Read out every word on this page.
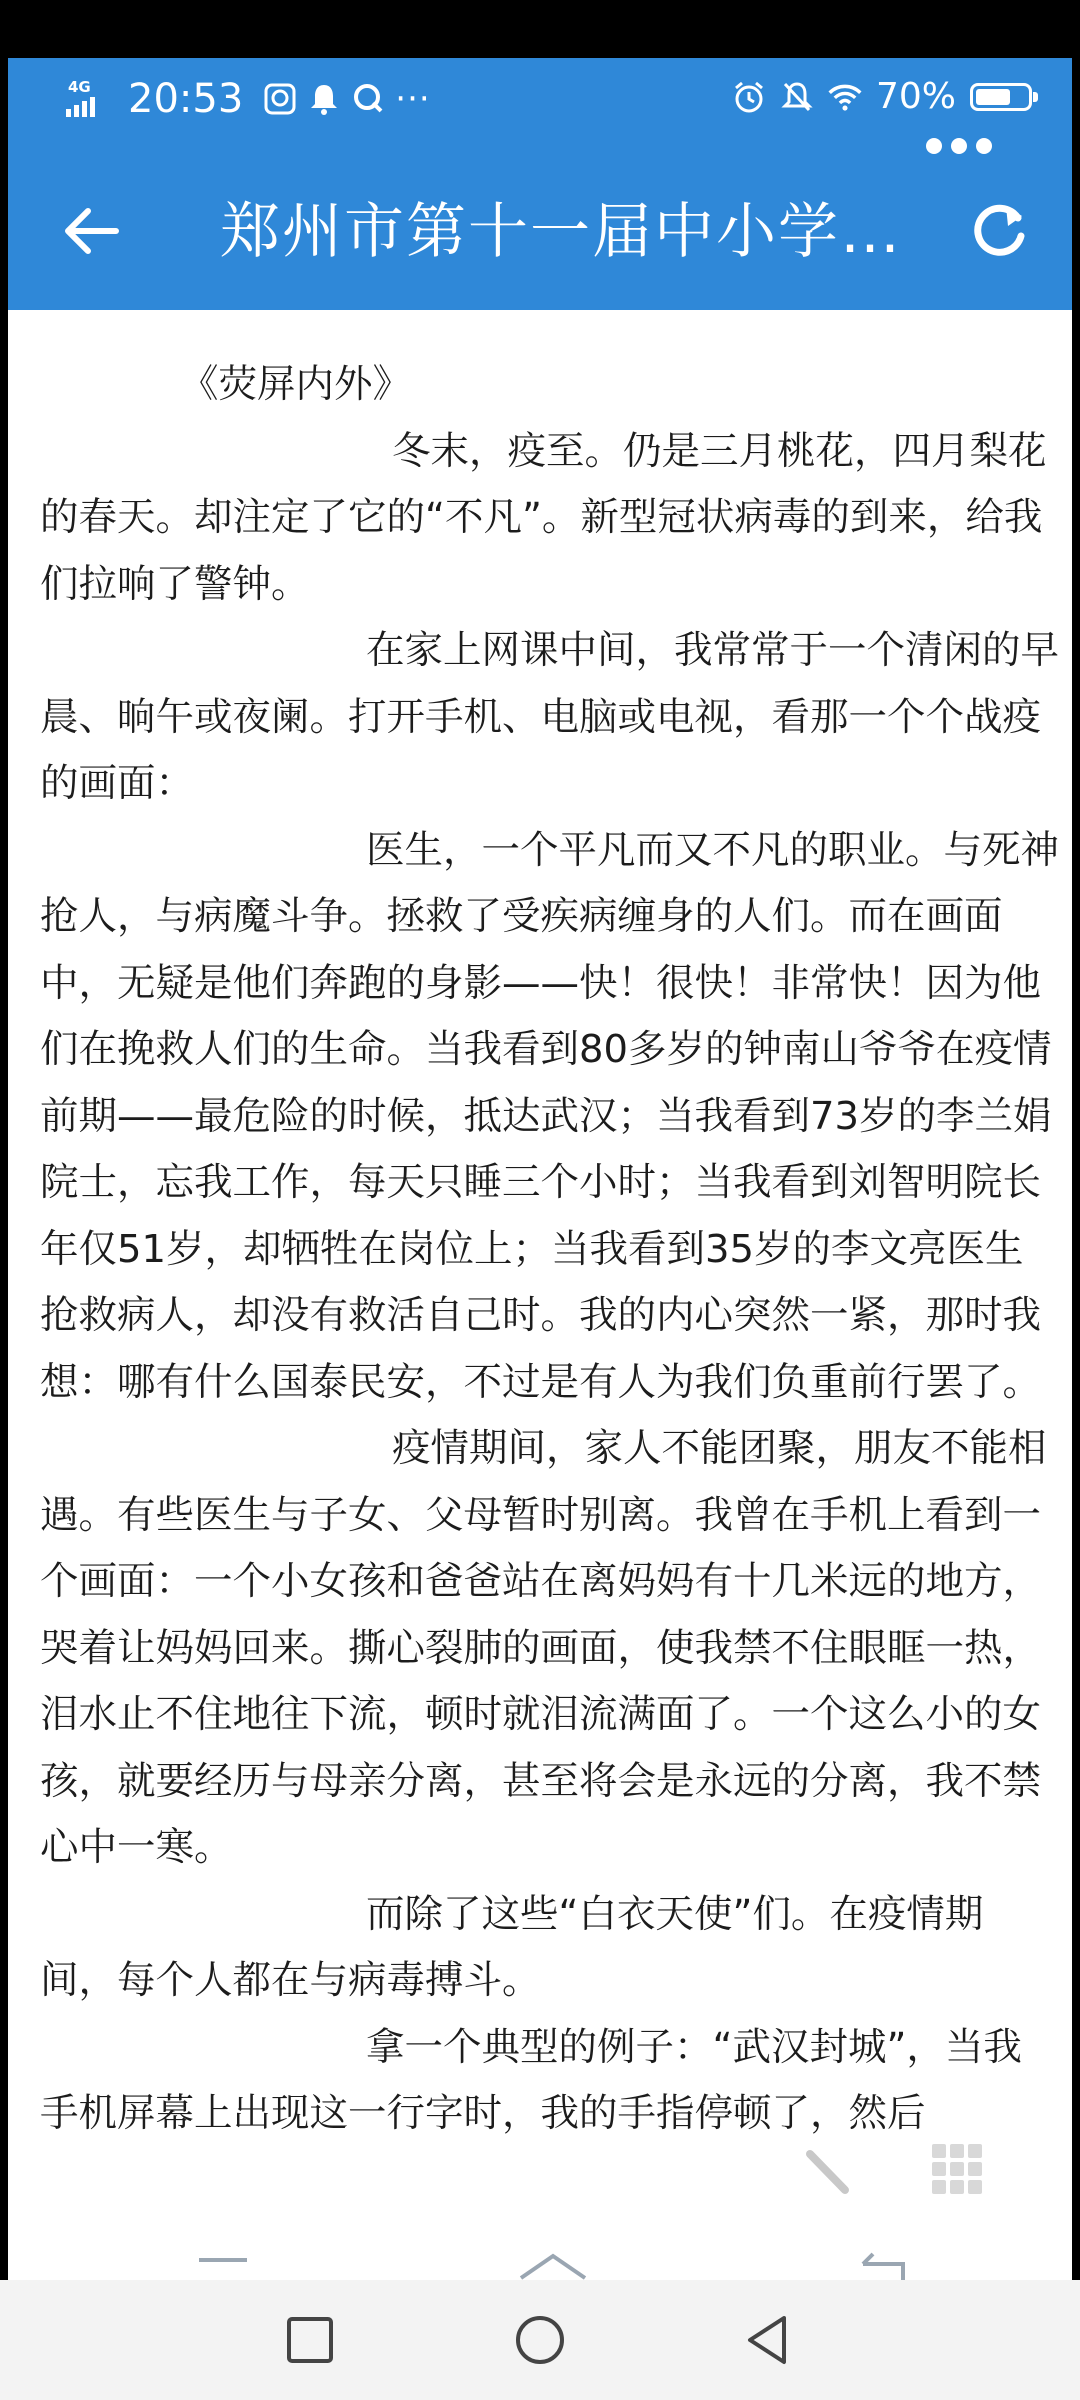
4G 20:53	···	70%
郑州市第十一届中小学…

《荧屏内外》

冬末，疫至。仍是三月桃花，四月梨花的春天。却注定了它的“不凡”。新型冠状病毒的到来，给我们拉响了警钟。

在家上网课中间，我常常于一个清闲的早晨、晌午或夜阑。打开手机、电脑或电视，看那一个个战疫的画面：

医生，一个平凡而又不凡的职业。与死神抢人，与病魔斗争。拯救了受疾病缠身的人们。而在画面中，无疑是他们奔跑的身影——快！很快！非常快！因为他们在挽救人们的生命。当我看到80多岁的钟南山爷爷在疫情前期——最危险的时候，抵达武汉；当我看到73岁的李兰娟院士，忘我工作，每天只睡三个小时；当我看到刘智明院长年仅51岁，却牺牲在岗位上；当我看到35岁的李文亮医生抢救病人，却没有救活自己时。我的内心突然一紧，那时我想：哪有什么国泰民安，不过是有人为我们负重前行罢了。

疫情期间，家人不能团聚，朋友不能相遇。有些医生与子女、父母暂时别离。我曾在手机上看到一个画面：一个小女孩和爸爸站在离妈妈有十几米远的地方，哭着让妈妈回来。撕心裂肺的画面，使我禁不住眼眶一热，泪水止不住地往下流，顿时就泪流满面了。一个这么小的女孩，就要经历与母亲分离，甚至将会是永远的分离，我不禁心中一寒。

而除了这些“白衣天使”们。在疫情期间，每个人都在与病毒搏斗。

拿一个典型的例子：“武汉封城”，当我手机屏幕上出现这一行字时，我的手指停顿了，然后
